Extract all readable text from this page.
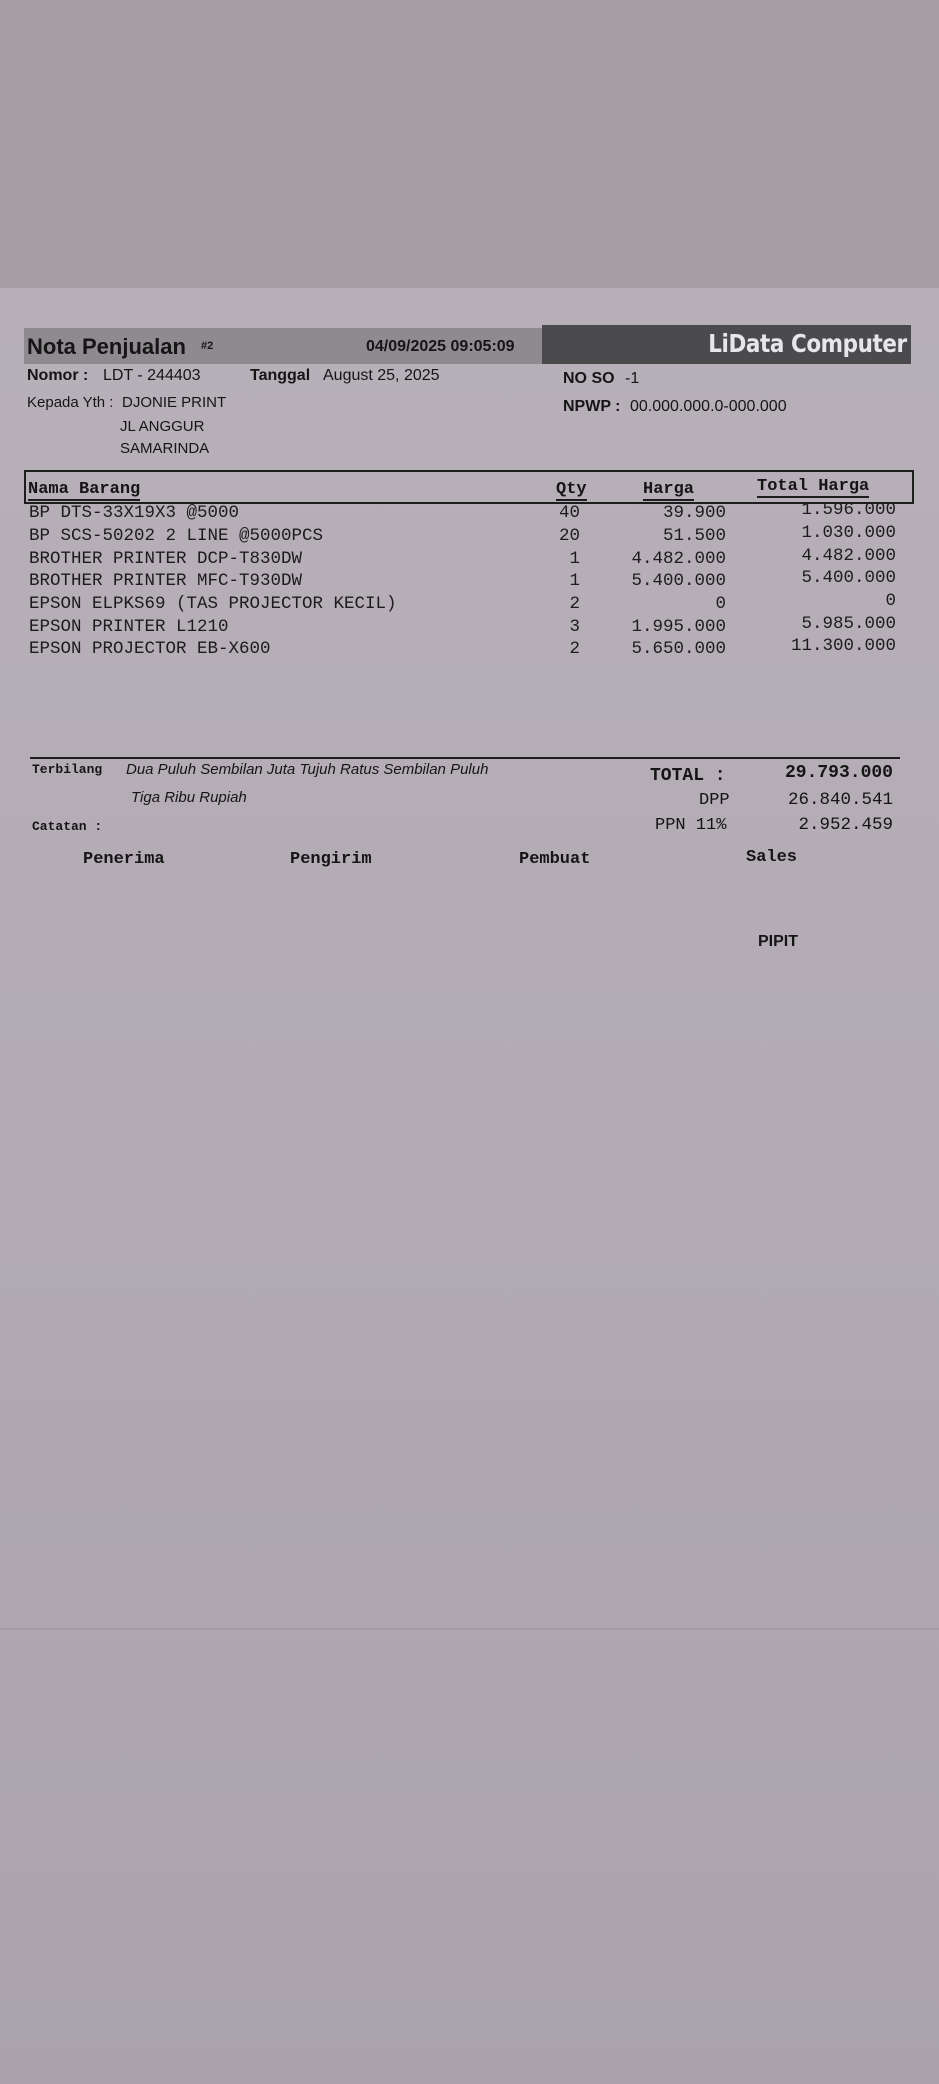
LiData Computer
Nota Penjualan #2	04/09/2025 09:05:09
Nomor : LDT - 244403	Tanggal August 25, 2025	NO SO -1
Kepada Yth : DJONIE PRINT
JL ANGGUR
SAMARINDA
NPWP : 00.000.000.0-000.000
Nama Barang	Qty	Harga	Total Harga
BP DTS-33X19X3 @5000	40	39.900	1.596.000
BP SCS-50202 2 LINE @5000PCS	20	51.500	1.030.000
BROTHER PRINTER DCP-T830DW	1	4.482.000	4.482.000
BROTHER PRINTER MFC-T930DW	1	5.400.000	5.400.000
EPSON ELPKS69 (TAS PROJECTOR KECIL)	2	0	0
EPSON PRINTER L1210	3	1.995.000	5.985.000
EPSON PROJECTOR EB-X600	2	5.650.000	11.300.000
Terbilang Dua Puluh Sembilan Juta Tujuh Ratus Sembilan Puluh
Tiga Ribu Rupiah
Catatan :
TOTAL :	29.793.000
DPP	26.840.541
PPN 11%	2.952.459
Penerima	Pengirim	Pembuat	Sales
PIPIT
